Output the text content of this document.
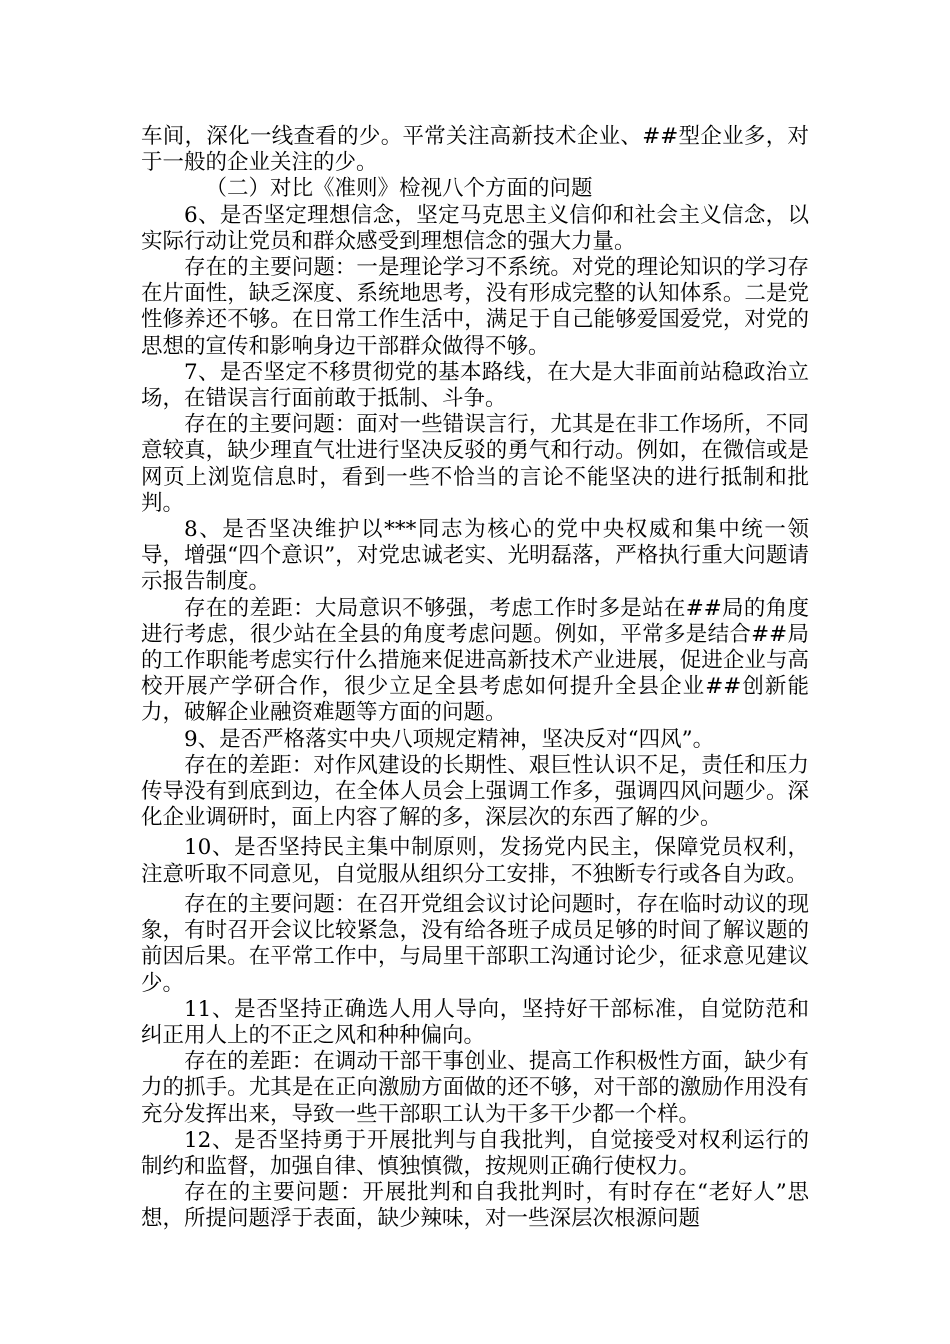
车间，深化一线查看的少。平常关注高新技术企业、##型企业多，对于一般的企业关注的少。

（二）对比《准则》检视八个方面的问题

6、是否坚定理想信念，坚定马克思主义信仰和社会主义信念，以实际行动让党员和群众感受到理想信念的强大力量。

存在的主要问题：一是理论学习不系统。对党的理论知识的学习存在片面性，缺乏深度、系统地思考，没有形成完整的认知体系。二是党性修养还不够。在日常工作生活中，满足于自己能够爱国爱党，对党的思想的宣传和影响身边干部群众做得不够。

7、是否坚定不移贯彻党的基本路线，在大是大非面前站稳政治立场，在错误言行面前敢于抵制、斗争。

存在的主要问题：面对一些错误言行，尤其是在非工作场所，不同意较真，缺少理直气壮进行坚决反驳的勇气和行动。例如，在微信或是网页上浏览信息时，看到一些不恰当的言论不能坚决的进行抵制和批判。

8、是否坚决维护以***同志为核心的党中央权威和集中统一领导，增强“四个意识”，对党忠诚老实、光明磊落，严格执行重大问题请示报告制度。

存在的差距：大局意识不够强，考虑工作时多是站在##局的角度进行考虑，很少站在全县的角度考虑问题。例如，平常多是结合##局的工作职能考虑实行什么措施来促进高新技术产业进展，促进企业与高校开展产学研合作，很少立足全县考虑如何提升全县企业##创新能力，破解企业融资难题等方面的问题。

9、是否严格落实中央八项规定精神，坚决反对“四风”。

存在的差距：对作风建设的长期性、艰巨性认识不足，责任和压力传导没有到底到边，在全体人员会上强调工作多，强调四风问题少。深化企业调研时，面上内容了解的多，深层次的东西了解的少。

10、是否坚持民主集中制原则，发扬党内民主，保障党员权利，注意听取不同意见，自觉服从组织分工安排，不独断专行或各自为政。

存在的主要问题：在召开党组会议讨论问题时，存在临时动议的现象，有时召开会议比较紧急，没有给各班子成员足够的时间了解议题的前因后果。在平常工作中，与局里干部职工沟通讨论少，征求意见建议少。

11、是否坚持正确选人用人导向，坚持好干部标准，自觉防范和纠正用人上的不正之风和种种偏向。

存在的差距：在调动干部干事创业、提高工作积极性方面，缺少有力的抓手。尤其是在正向激励方面做的还不够，对干部的激励作用没有充分发挥出来，导致一些干部职工认为干多干少都一个样。

12、是否坚持勇于开展批判与自我批判，自觉接受对权利运行的制约和监督，加强自律、慎独慎微，按规则正确行使权力。

存在的主要问题：开展批判和自我批判时，有时存在“老好人”思想，所提问题浮于表面，缺少辣味，对一些深层次根源问题
